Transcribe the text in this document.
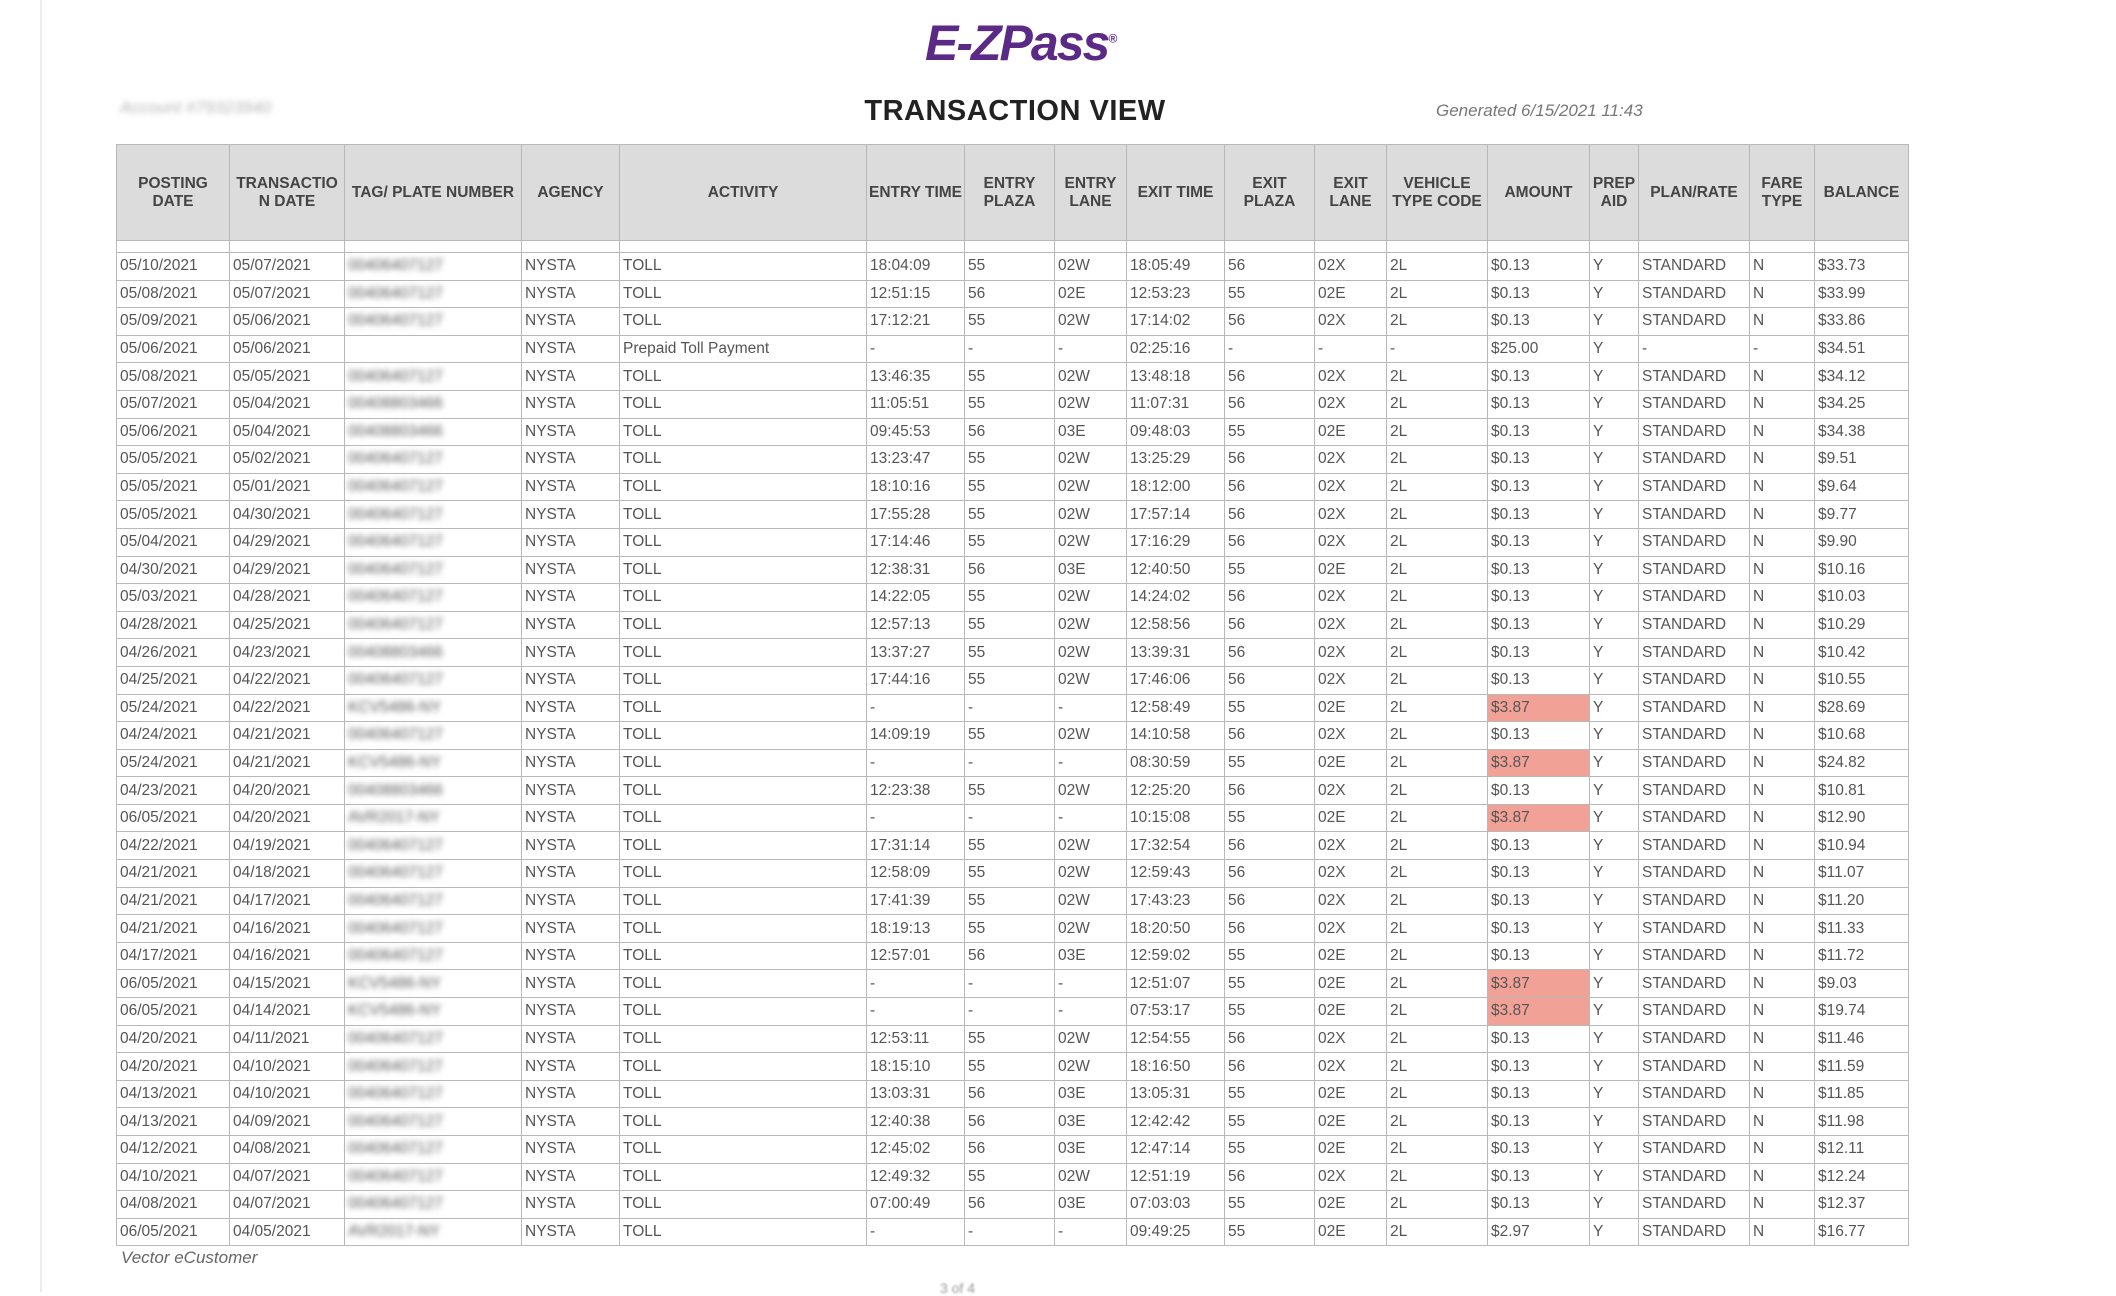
E-ZPass®
Account #79323940	TRANSACTION VIEW	Generated 6/15/2021 11:43
POSTING DATE	TRANSACTION DATE	TAG/ PLATE NUMBER	AGENCY	ACTIVITY	ENTRY TIME	ENTRY PLAZA	ENTRY LANE	EXIT TIME	EXIT PLAZA	EXIT LANE	VEHICLE TYPE CODE	AMOUNT	PREP AID	PLAN/RATE	FARE TYPE	BALANCE

05/10/2021	05/07/2021	00406407127	NYSTA	TOLL	18:04:09	55	02W	18:05:49	56	02X	2L	$0.13	Y	STANDARD	N	$33.73
05/08/2021	05/07/2021	00406407127	NYSTA	TOLL	12:51:15	56	02E	12:53:23	55	02E	2L	$0.13	Y	STANDARD	N	$33.99
05/09/2021	05/06/2021	00406407127	NYSTA	TOLL	17:12:21	55	02W	17:14:02	56	02X	2L	$0.13	Y	STANDARD	N	$33.86
05/06/2021	05/06/2021		NYSTA	Prepaid Toll Payment	-	-	-	02:25:16	-	-	-	$25.00	Y	-	-	$34.51
05/08/2021	05/05/2021	00406407127	NYSTA	TOLL	13:46:35	55	02W	13:48:18	56	02X	2L	$0.13	Y	STANDARD	N	$34.12
05/07/2021	05/04/2021	00408803466	NYSTA	TOLL	11:05:51	55	02W	11:07:31	56	02X	2L	$0.13	Y	STANDARD	N	$34.25
05/06/2021	05/04/2021	00408803466	NYSTA	TOLL	09:45:53	56	03E	09:48:03	55	02E	2L	$0.13	Y	STANDARD	N	$34.38
05/05/2021	05/02/2021	00406407127	NYSTA	TOLL	13:23:47	55	02W	13:25:29	56	02X	2L	$0.13	Y	STANDARD	N	$9.51
05/05/2021	05/01/2021	00406407127	NYSTA	TOLL	18:10:16	55	02W	18:12:00	56	02X	2L	$0.13	Y	STANDARD	N	$9.64
05/05/2021	04/30/2021	00406407127	NYSTA	TOLL	17:55:28	55	02W	17:57:14	56	02X	2L	$0.13	Y	STANDARD	N	$9.77
05/04/2021	04/29/2021	00406407127	NYSTA	TOLL	17:14:46	55	02W	17:16:29	56	02X	2L	$0.13	Y	STANDARD	N	$9.90
04/30/2021	04/29/2021	00406407127	NYSTA	TOLL	12:38:31	56	03E	12:40:50	55	02E	2L	$0.13	Y	STANDARD	N	$10.16
05/03/2021	04/28/2021	00406407127	NYSTA	TOLL	14:22:05	55	02W	14:24:02	56	02X	2L	$0.13	Y	STANDARD	N	$10.03
04/28/2021	04/25/2021	00406407127	NYSTA	TOLL	12:57:13	55	02W	12:58:56	56	02X	2L	$0.13	Y	STANDARD	N	$10.29
04/26/2021	04/23/2021	00408803466	NYSTA	TOLL	13:37:27	55	02W	13:39:31	56	02X	2L	$0.13	Y	STANDARD	N	$10.42
04/25/2021	04/22/2021	00406407127	NYSTA	TOLL	17:44:16	55	02W	17:46:06	56	02X	2L	$0.13	Y	STANDARD	N	$10.55
05/24/2021	04/22/2021	KCV5486-NY	NYSTA	TOLL	-	-	-	12:58:49	55	02E	2L	$3.87	Y	STANDARD	N	$28.69
04/24/2021	04/21/2021	00406407127	NYSTA	TOLL	14:09:19	55	02W	14:10:58	56	02X	2L	$0.13	Y	STANDARD	N	$10.68
05/24/2021	04/21/2021	KCV5486-NY	NYSTA	TOLL	-	-	-	08:30:59	55	02E	2L	$3.87	Y	STANDARD	N	$24.82
04/23/2021	04/20/2021	00408803466	NYSTA	TOLL	12:23:38	55	02W	12:25:20	56	02X	2L	$0.13	Y	STANDARD	N	$10.81
06/05/2021	04/20/2021	AVR2017-NY	NYSTA	TOLL	-	-	-	10:15:08	55	02E	2L	$3.87	Y	STANDARD	N	$12.90
04/22/2021	04/19/2021	00406407127	NYSTA	TOLL	17:31:14	55	02W	17:32:54	56	02X	2L	$0.13	Y	STANDARD	N	$10.94
04/21/2021	04/18/2021	00406407127	NYSTA	TOLL	12:58:09	55	02W	12:59:43	56	02X	2L	$0.13	Y	STANDARD	N	$11.07
04/21/2021	04/17/2021	00406407127	NYSTA	TOLL	17:41:39	55	02W	17:43:23	56	02X	2L	$0.13	Y	STANDARD	N	$11.20
04/21/2021	04/16/2021	00406407127	NYSTA	TOLL	18:19:13	55	02W	18:20:50	56	02X	2L	$0.13	Y	STANDARD	N	$11.33
04/17/2021	04/16/2021	00406407127	NYSTA	TOLL	12:57:01	56	03E	12:59:02	55	02E	2L	$0.13	Y	STANDARD	N	$11.72
06/05/2021	04/15/2021	KCV5486-NY	NYSTA	TOLL	-	-	-	12:51:07	55	02E	2L	$3.87	Y	STANDARD	N	$9.03
06/05/2021	04/14/2021	KCV5486-NY	NYSTA	TOLL	-	-	-	07:53:17	55	02E	2L	$3.87	Y	STANDARD	N	$19.74
04/20/2021	04/11/2021	00406407127	NYSTA	TOLL	12:53:11	55	02W	12:54:55	56	02X	2L	$0.13	Y	STANDARD	N	$11.46
04/20/2021	04/10/2021	00406407127	NYSTA	TOLL	18:15:10	55	02W	18:16:50	56	02X	2L	$0.13	Y	STANDARD	N	$11.59
04/13/2021	04/10/2021	00406407127	NYSTA	TOLL	13:03:31	56	03E	13:05:31	55	02E	2L	$0.13	Y	STANDARD	N	$11.85
04/13/2021	04/09/2021	00406407127	NYSTA	TOLL	12:40:38	56	03E	12:42:42	55	02E	2L	$0.13	Y	STANDARD	N	$11.98
04/12/2021	04/08/2021	00406407127	NYSTA	TOLL	12:45:02	56	03E	12:47:14	55	02E	2L	$0.13	Y	STANDARD	N	$12.11
04/10/2021	04/07/2021	00406407127	NYSTA	TOLL	12:49:32	55	02W	12:51:19	56	02X	2L	$0.13	Y	STANDARD	N	$12.24
04/08/2021	04/07/2021	00406407127	NYSTA	TOLL	07:00:49	56	03E	07:03:03	55	02E	2L	$0.13	Y	STANDARD	N	$12.37
06/05/2021	04/05/2021	AVR2017-NY	NYSTA	TOLL	-	-	-	09:49:25	55	02E	2L	$2.97	Y	STANDARD	N	$16.77
Vector eCustomer
3 of 4
